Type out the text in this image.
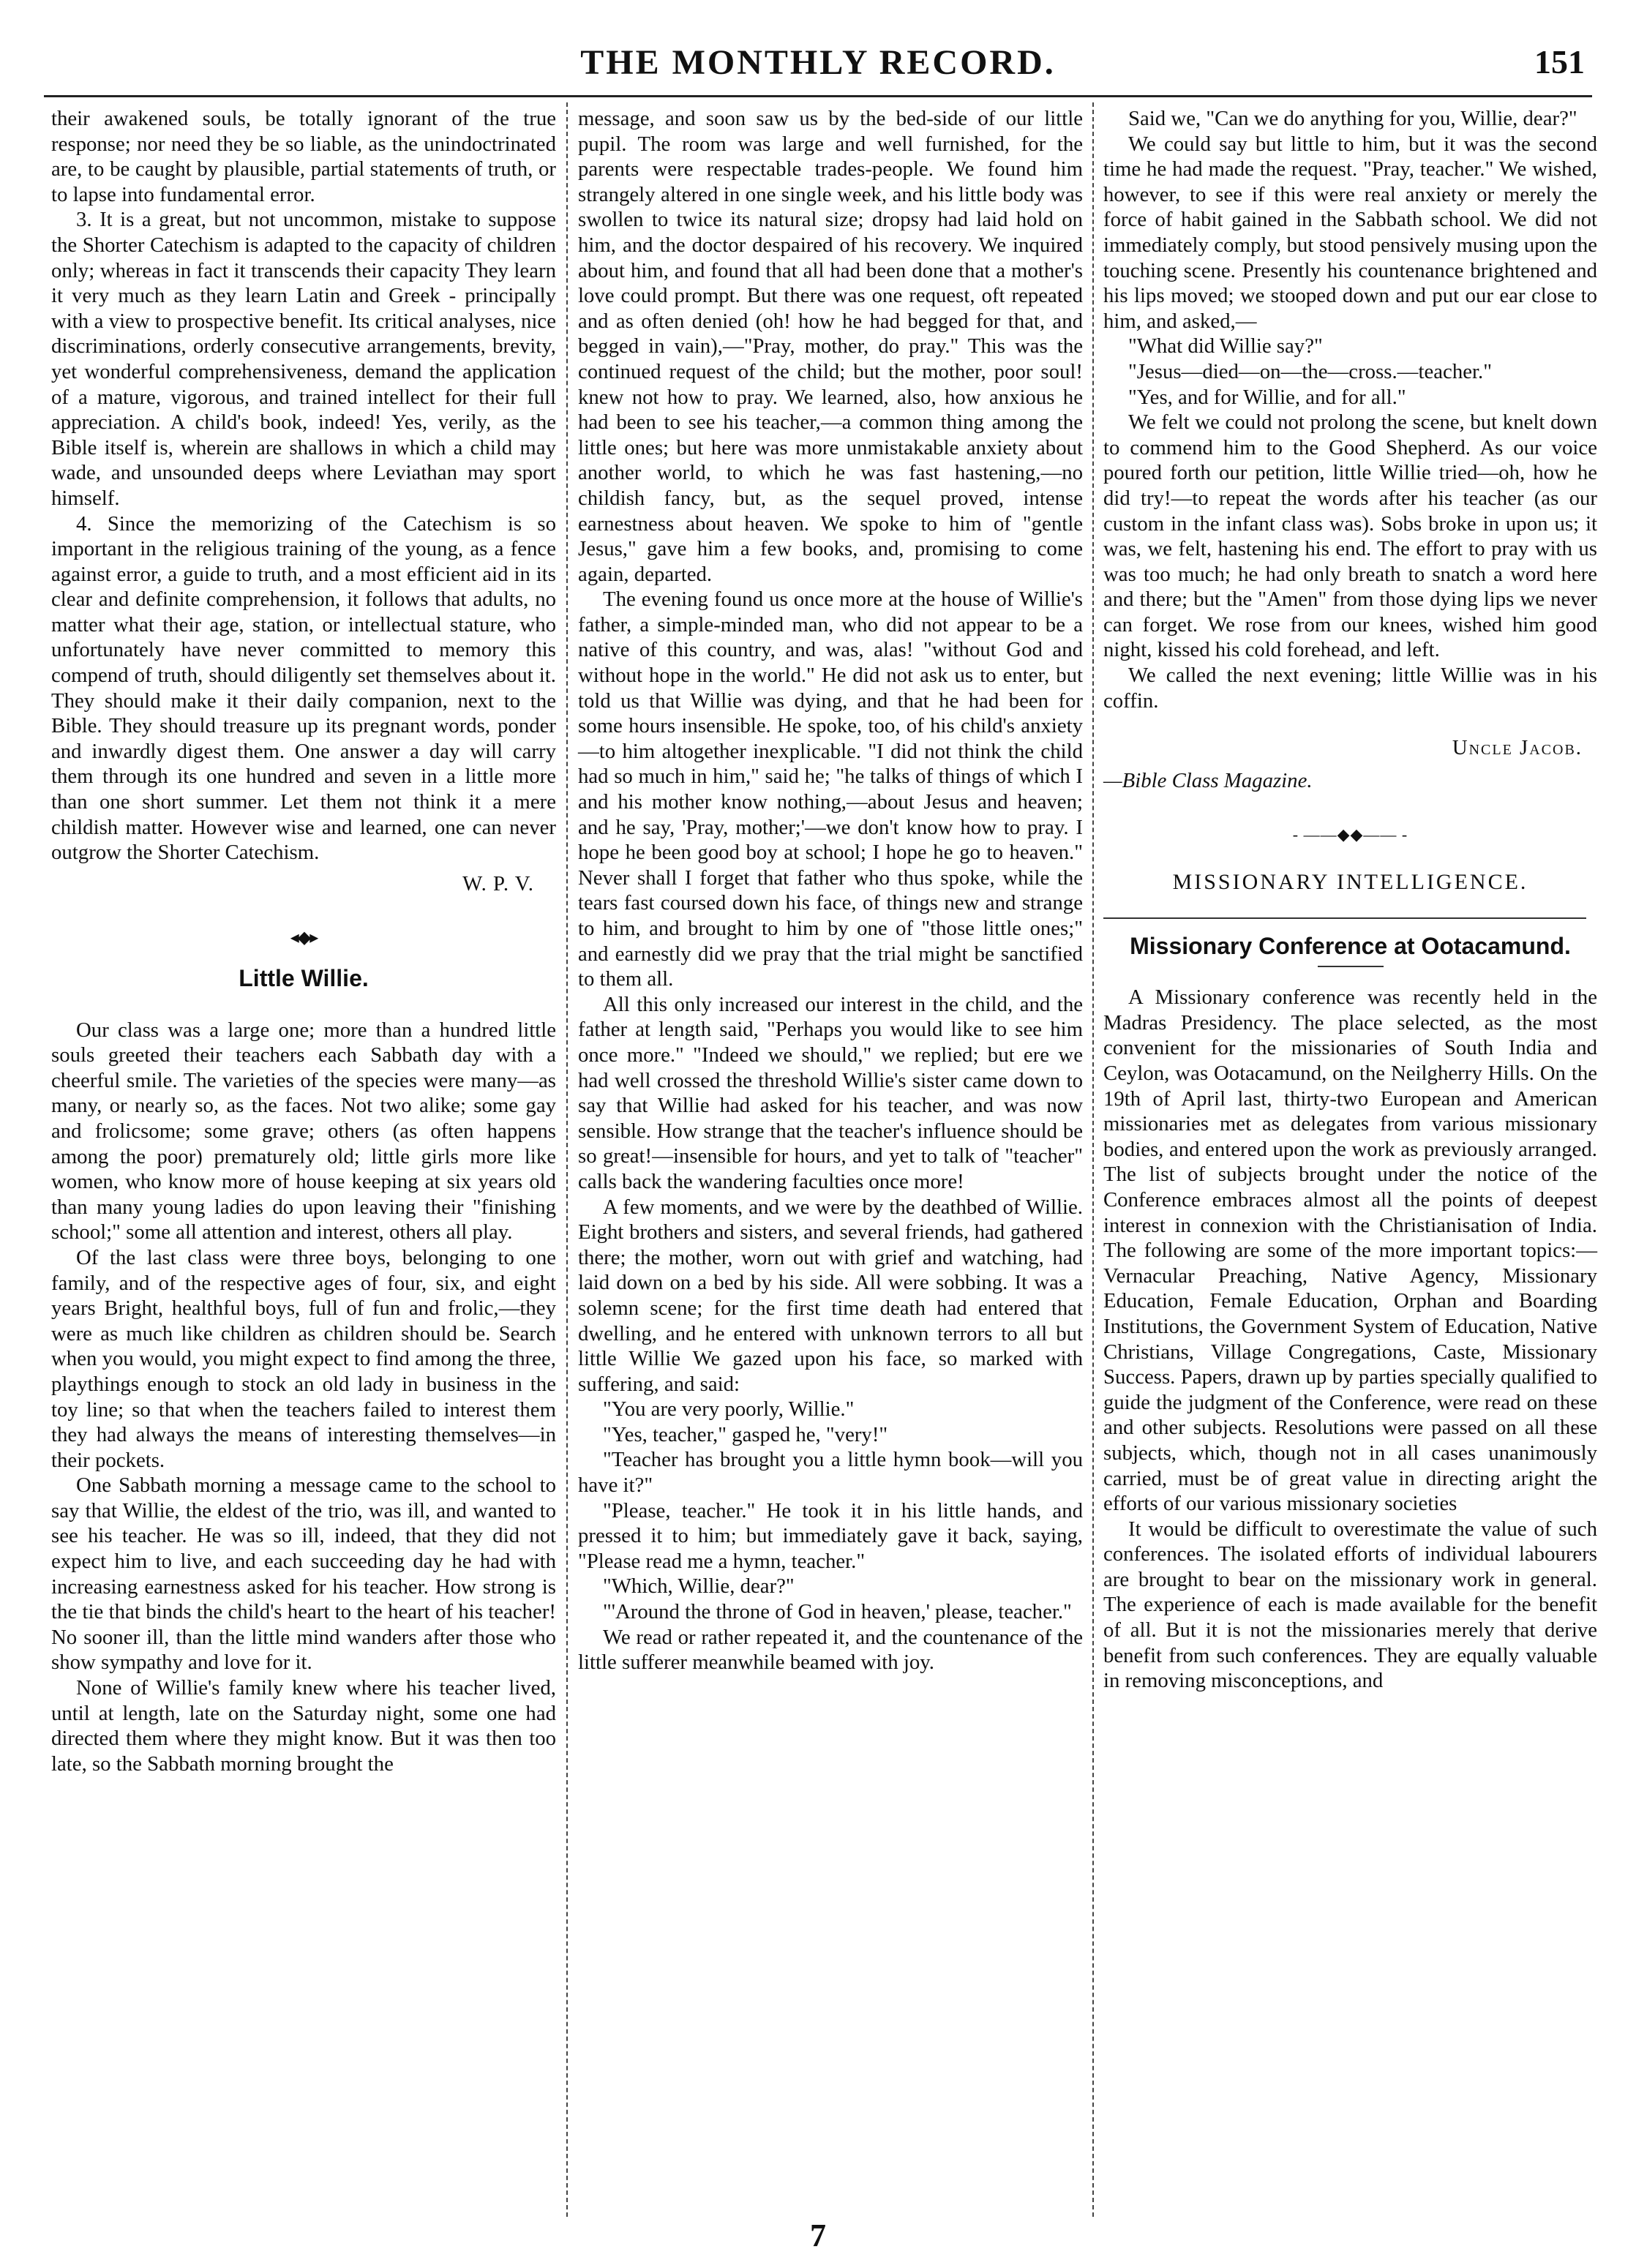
THE MONTHLY RECORD.	151

their awakened souls, be totally ignorant of the true response; nor need they be so liable, as the unindoctrinated are, to be caught by plausible, partial statements of truth, or to lapse into fundamental error.

3. It is a great, but not uncommon, mistake to suppose the Shorter Catechism is adapted to the capacity of children only; whereas in fact it transcends their capacity They learn it very much as they learn Latin and Greek - principally with a view to prospective benefit. Its critical analyses, nice discriminations, orderly consecutive arrangements, brevity, yet wonderful comprehensiveness, demand the application of a mature, vigorous, and trained intellect for their full appreciation. A child's book, indeed! Yes, verily, as the Bible itself is, wherein are shallows in which a child may wade, and unsounded deeps where Leviathan may sport himself.

4. Since the memorizing of the Catechism is so important in the religious training of the young, as a fence against error, a guide to truth, and a most efficient aid in its clear and definite comprehension, it follows that adults, no matter what their age, station, or intellectual stature, who unfortunately have never committed to memory this compend of truth, should diligently set themselves about it. They should make it their daily companion, next to the Bible. They should treasure up its pregnant words, ponder and inwardly digest them. One answer a day will carry them through its one hundred and seven in a little more than one short summer. Let them not think it a mere childish matter. However wise and learned, one can never outgrow the Shorter Catechism.

W. P. V.
◂◆▸
Little Willie.

Our class was a large one; more than a hundred little souls greeted their teachers each Sabbath day with a cheerful smile. The varieties of the species were many—as many, or nearly so, as the faces. Not two alike; some gay and frolicsome; some grave; others (as often happens among the poor) prematurely old; little girls more like women, who know more of house keeping at six years old than many young ladies do upon leaving their "finishing school;" some all attention and interest, others all play.

Of the last class were three boys, belonging to one family, and of the respective ages of four, six, and eight years Bright, healthful boys, full of fun and frolic,—they were as much like children as children should be. Search when you would, you might expect to find among the three, playthings enough to stock an old lady in business in the toy line; so that when the teachers failed to interest them they had always the means of interesting themselves—in their pockets.

One Sabbath morning a message came to the school to say that Willie, the eldest of the trio, was ill, and wanted to see his teacher. He was so ill, indeed, that they did not expect him to live, and each succeeding day he had with increasing earnestness asked for his teacher. How strong is the tie that binds the child's heart to the heart of his teacher! No sooner ill, than the little mind wanders after those who show sympathy and love for it.

None of Willie's family knew where his teacher lived, until at length, late on the Saturday night, some one had directed them where they might know. But it was then too late, so the Sabbath morning brought the

message, and soon saw us by the bed-side of our little pupil. The room was large and well furnished, for the parents were respectable trades-people. We found him strangely altered in one single week, and his little body was swollen to twice its natural size; dropsy had laid hold on him, and the doctor despaired of his recovery. We inquired about him, and found that all had been done that a mother's love could prompt. But there was one request, oft repeated and as often denied (oh! how he had begged for that, and begged in vain),—"Pray, mother, do pray." This was the continued request of the child; but the mother, poor soul! knew not how to pray. We learned, also, how anxious he had been to see his teacher,—a common thing among the little ones; but here was more unmistakable anxiety about another world, to which he was fast hastening,—no childish fancy, but, as the sequel proved, intense earnestness about heaven. We spoke to him of "gentle Jesus," gave him a few books, and, promising to come again, departed.

The evening found us once more at the house of Willie's father, a simple-minded man, who did not appear to be a native of this country, and was, alas! "without God and without hope in the world." He did not ask us to enter, but told us that Willie was dying, and that he had been for some hours insensible. He spoke, too, of his child's anxiety—to him altogether inexplicable. "I did not think the child had so much in him," said he; "he talks of things of which I and his mother know nothing,—about Jesus and heaven; and he say, 'Pray, mother;'—we don't know how to pray. I hope he been good boy at school; I hope he go to heaven." Never shall I forget that father who thus spoke, while the tears fast coursed down his face, of things new and strange to him, and brought to him by one of "those little ones;" and earnestly did we pray that the trial might be sanctified to them all.

All this only increased our interest in the child, and the father at length said, "Perhaps you would like to see him once more." "Indeed we should," we replied; but ere we had well crossed the threshold Willie's sister came down to say that Willie had asked for his teacher, and was now sensible. How strange that the teacher's influence should be so great!—insensible for hours, and yet to talk of "teacher" calls back the wandering faculties once more!

A few moments, and we were by the deathbed of Willie. Eight brothers and sisters, and several friends, had gathered there; the mother, worn out with grief and watching, had laid down on a bed by his side. All were sobbing. It was a solemn scene; for the first time death had entered that dwelling, and he entered with unknown terrors to all but little Willie We gazed upon his face, so marked with suffering, and said:

"You are very poorly, Willie."

"Yes, teacher," gasped he, "very!"

"Teacher has brought you a little hymn book—will you have it?"

"Please, teacher." He took it in his little hands, and pressed it to him; but immediately gave it back, saying, "Please read me a hymn, teacher."

"Which, Willie, dear?"

"'Around the throne of God in heaven,' please, teacher."

We read or rather repeated it, and the countenance of the little sufferer meanwhile beamed with joy.

Said we, "Can we do anything for you, Willie, dear?"

We could say but little to him, but it was the second time he had made the request. "Pray, teacher." We wished, however, to see if this were real anxiety or merely the force of habit gained in the Sabbath school. We did not immediately comply, but stood pensively musing upon the touching scene. Presently his countenance brightened and his lips moved; we stooped down and put our ear close to him, and asked,—

"What did Willie say?"

"Jesus—died—on—the—cross.—teacher."

"Yes, and for Willie, and for all."

We felt we could not prolong the scene, but knelt down to commend him to the Good Shepherd. As our voice poured forth our petition, little Willie tried—oh, how he did try!—to repeat the words after his teacher (as our custom in the infant class was). Sobs broke in upon us; it was, we felt, hastening his end. The effort to pray with us was too much; he had only breath to snatch a word here and there; but the "Amen" from those dying lips we never can forget. We rose from our knees, wished him good night, kissed his cold forehead, and left.

We called the next evening; little Willie was in his coffin.

Uncle Jacob.
—Bible Class Magazine.
- ——◆◆—— -
MISSIONARY INTELLIGENCE.
Missionary Conference at Ootacamund.

A Missionary conference was recently held in the Madras Presidency. The place selected, as the most convenient for the missionaries of South India and Ceylon, was Ootacamund, on the Neilgherry Hills. On the 19th of April last, thirty-two European and American missionaries met as delegates from various missionary bodies, and entered upon the work as previously arranged. The list of subjects brought under the notice of the Conference embraces almost all the points of deepest interest in connexion with the Christianisation of India. The following are some of the more important topics:—Vernacular Preaching, Native Agency, Missionary Education, Female Education, Orphan and Boarding Institutions, the Government System of Education, Native Christians, Village Congregations, Caste, Missionary Success. Papers, drawn up by parties specially qualified to guide the judgment of the Conference, were read on these and other subjects. Resolutions were passed on all these subjects, which, though not in all cases unanimously carried, must be of great value in directing aright the efforts of our various missionary societies

It would be difficult to overestimate the value of such conferences. The isolated efforts of individual labourers are brought to bear on the missionary work in general. The experience of each is made available for the benefit of all. But it is not the missionaries merely that derive benefit from such conferences. They are equally valuable in removing misconceptions, and

7
